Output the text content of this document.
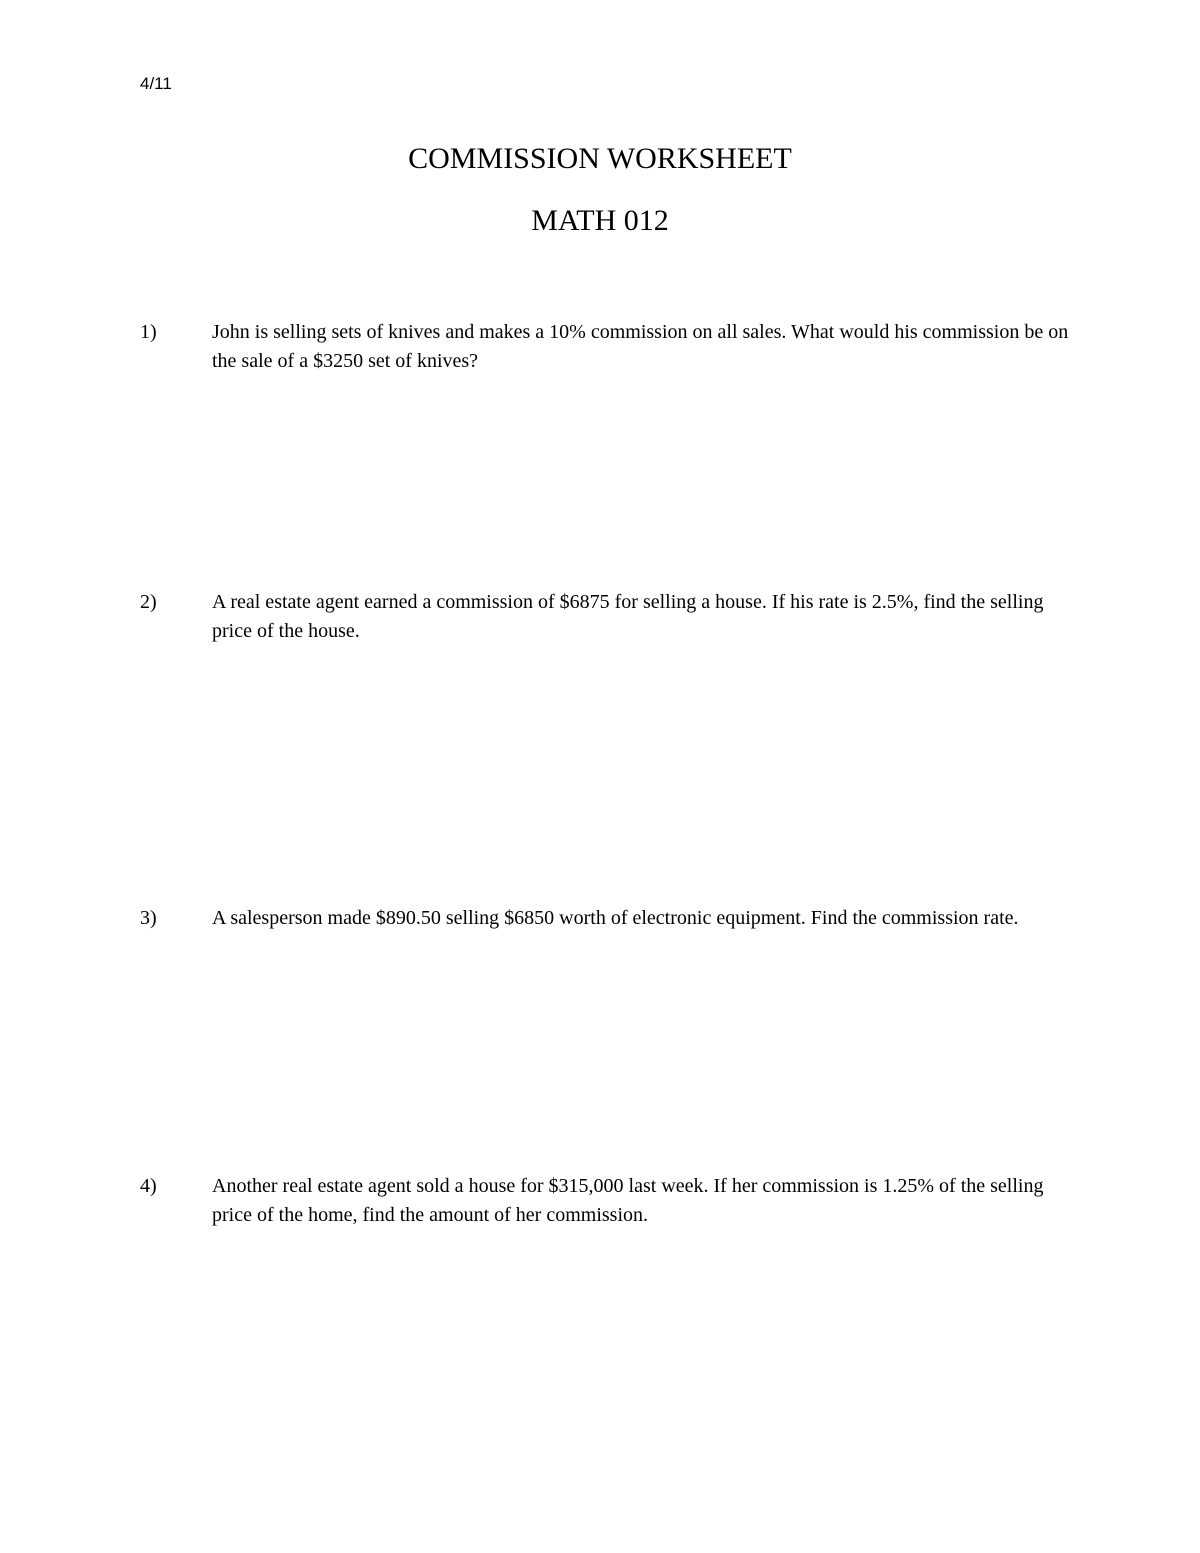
4/11
COMMISSION WORKSHEET
MATH 012
1)	John is selling sets of knives and makes a 10% commission on all sales. What would his commission be on the sale of a $3250 set of knives?
2)	A real estate agent earned a commission of $6875 for selling a house. If his rate is 2.5%, find the selling price of the house.
3)	A salesperson made $890.50 selling $6850 worth of electronic equipment. Find the commission rate.
4)	Another real estate agent sold a house for $315,000 last week. If her commission is 1.25% of the selling price of the home, find the amount of her commission.
